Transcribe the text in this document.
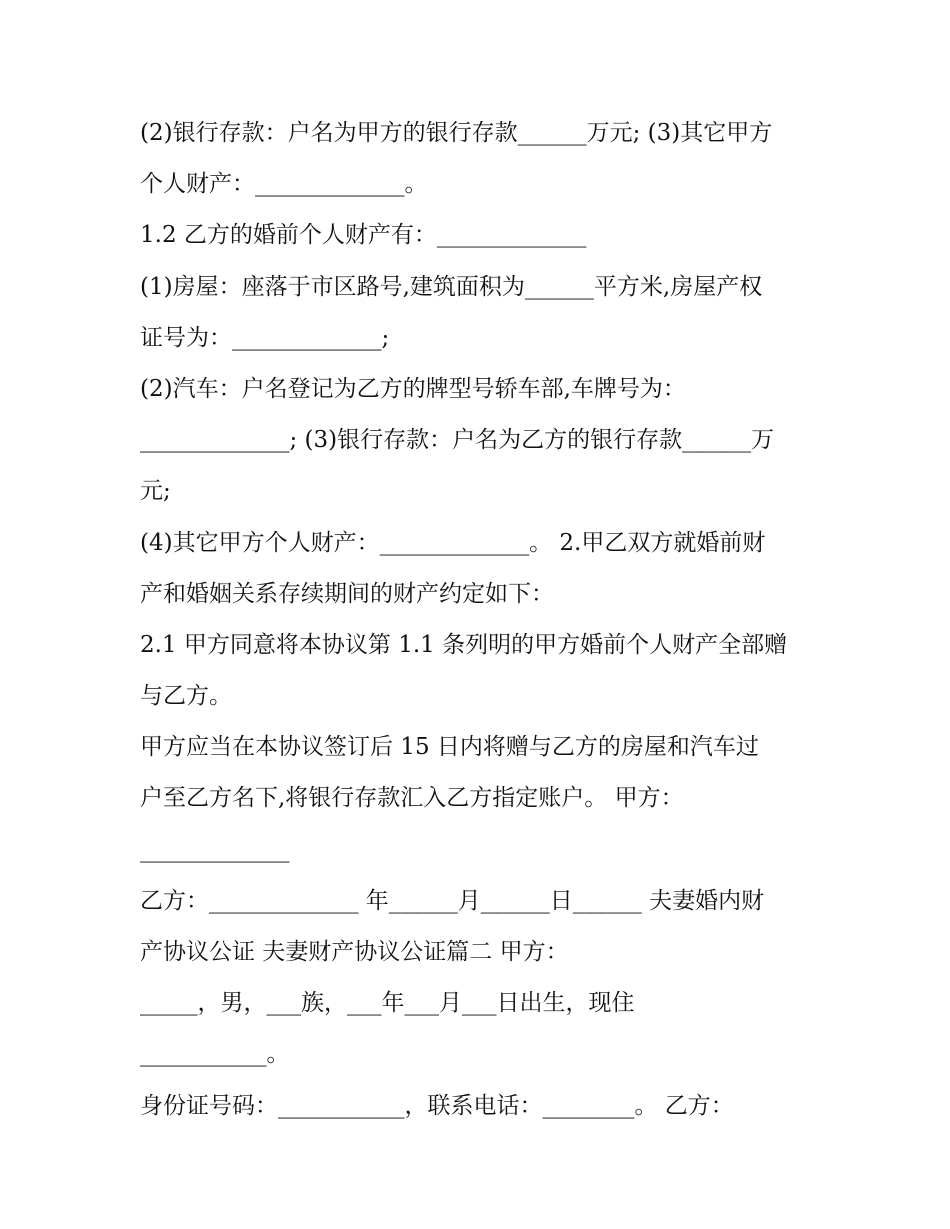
(2)银行存款：户名为甲方的银行存款______万元; (3)其它甲方
个人财产：_____________。
1.2 乙方的婚前个人财产有：_____________
(1)房屋：座落于市区路号,建筑面积为______平方米,房屋产权
证号为：_____________;
(2)汽车：户名登记为乙方的牌型号轿车部,车牌号为：
_____________; (3)银行存款：户名为乙方的银行存款______万
元;
(4)其它甲方个人财产：_____________。 2.甲乙双方就婚前财
产和婚姻关系存续期间的财产约定如下：
2.1 甲方同意将本协议第 1.1 条列明的甲方婚前个人财产全部赠
与乙方。
甲方应当在本协议签订后 15 日内将赠与乙方的房屋和汽车过
户至乙方名下,将银行存款汇入乙方指定账户。 甲方：
_____________
乙方：_____________ 年______月______日______ 夫妻婚内财
产协议公证 夫妻财产协议公证篇二 甲方：
_____，男，___族，___年___月___日出生，现住
___________。
身份证号码：___________，联系电话：________。 乙方：
